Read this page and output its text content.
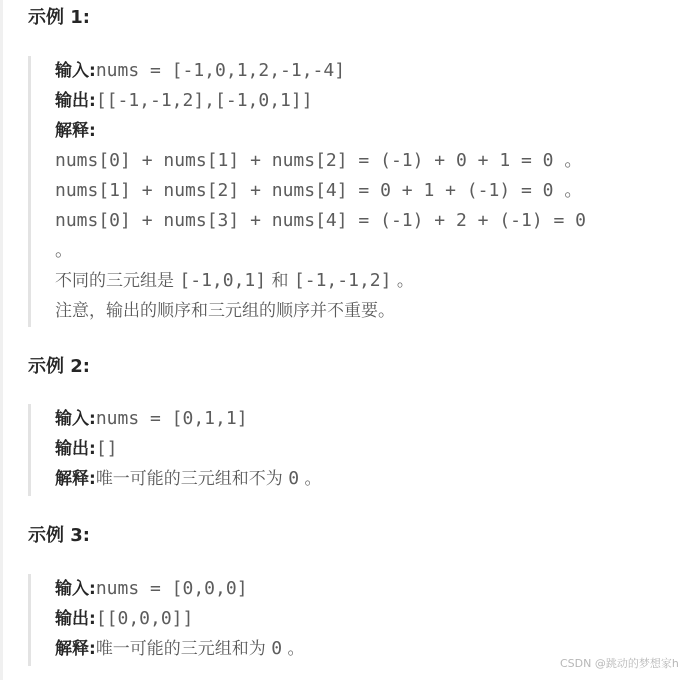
示例 1:
输入:nums = [-1,0,1,2,-1,-4]
输出:[[-1,-1,2],[-1,0,1]]
解释:
nums[0] + nums[1] + nums[2] = (-1) + 0 + 1 = 0 。
nums[1] + nums[2] + nums[4] = 0 + 1 + (-1) = 0 。
nums[0] + nums[3] + nums[4] = (-1) + 2 + (-1) = 0
。
不同的三元组是 [-1,0,1] 和 [-1,-1,2] 。
注意，输出的顺序和三元组的顺序并不重要。
示例 2:
输入:nums = [0,1,1]
输出:[]
解释:唯一可能的三元组和不为 0 。
示例 3:
输入:nums = [0,0,0]
输出:[[0,0,0]]
解释:唯一可能的三元组和为 0 。
CSDN @跳动的梦想家h
